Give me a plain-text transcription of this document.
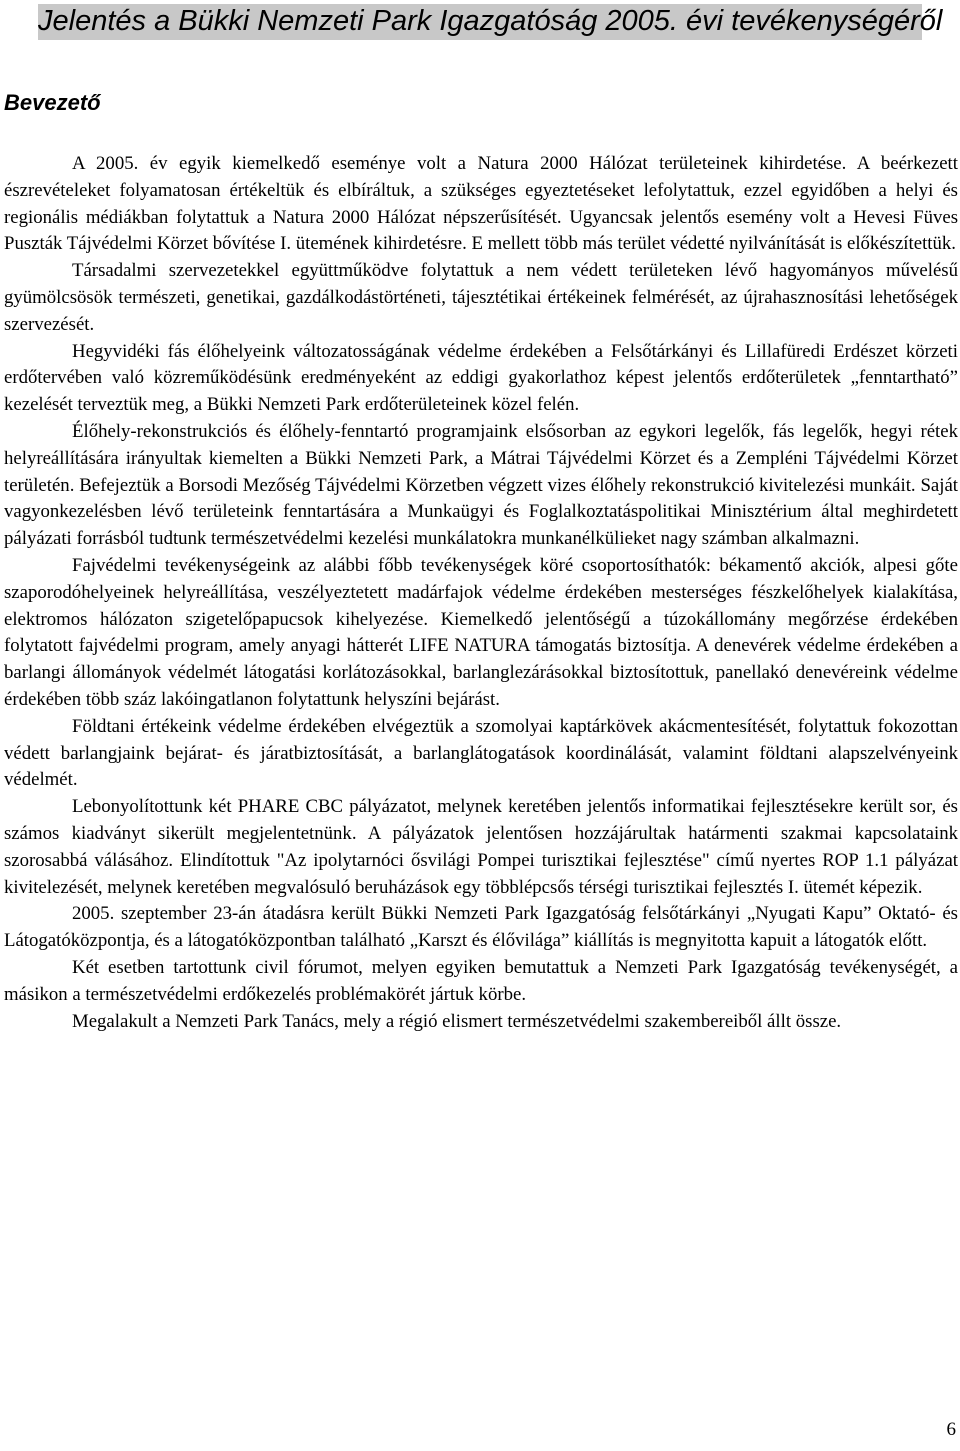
Jelentés a Bükki Nemzeti Park Igazgatóság 2005. évi tevékenységéről
Bevezető

A 2005. év egyik kiemelkedő eseménye volt a Natura 2000 Hálózat területeinek kihirdetése. A beérkezett észrevételeket folyamatosan értékeltük és elbíráltuk, a szükséges egyeztetéseket lefolytattuk, ezzel egyidőben a helyi és regionális médiákban folytattuk a Natura 2000 Hálózat népszerűsítését. Ugyancsak jelentős esemény volt a Hevesi Füves Puszták Tájvédelmi Körzet bővítése I. ütemének kihirdetésre. E mellett több más terület védetté nyilvánítását is előkészítettük.

Társadalmi szervezetekkel együttműködve folytattuk a nem védett területeken lévő hagyományos művelésű gyümölcsösök természeti, genetikai, gazdálkodástörténeti, tájesztétikai értékeinek felmérését, az újrahasznosítási lehetőségek szervezését.

Hegyvidéki fás élőhelyeink változatosságának védelme érdekében a Felsőtárkányi és Lillafüredi Erdészet körzeti erdőtervében való közreműködésünk eredményeként az eddigi gyakorlathoz képest jelentős erdőterületek „fenntartható” kezelését terveztük meg, a Bükki Nemzeti Park erdőterületeinek közel felén.

Élőhely-rekonstrukciós és élőhely-fenntartó programjaink elsősorban az egykori legelők, fás legelők, hegyi rétek helyreállítására irányultak kiemelten a Bükki Nemzeti Park, a Mátrai Tájvédelmi Körzet és a Zempléni Tájvédelmi Körzet területén. Befejeztük a Borsodi Mezőség Tájvédelmi Körzetben végzett vizes élőhely rekonstrukció kivitelezési munkáit. Saját vagyonkezelésben lévő területeink fenntartására a Munkaügyi és Foglalkoztatáspolitikai Minisztérium által meghirdetett pályázati forrásból tudtunk természetvédelmi kezelési munkálatokra munkanélkülieket nagy számban alkalmazni.

Fajvédelmi tevékenységeink az alábbi főbb tevékenységek köré csoportosíthatók: békamentő akciók, alpesi gőte szaporodóhelyeinek helyreállítása, veszélyeztetett madárfajok védelme érdekében mesterséges fészkelőhelyek kialakítása, elektromos hálózaton szigetelőpapucsok kihelyezése. Kiemelkedő jelentőségű a túzokállomány megőrzése érdekében folytatott fajvédelmi program, amely anyagi hátterét LIFE NATURA támogatás biztosítja. A denevérek védelme érdekében a barlangi állományok védelmét látogatási korlátozásokkal, barlanglezárásokkal biztosítottuk, panellakó denevéreink védelme érdekében több száz lakóingatlanon folytattunk helyszíni bejárást.

Földtani értékeink védelme érdekében elvégeztük a szomolyai kaptárkövek akácmentesítését, folytattuk fokozottan védett barlangjaink bejárat- és járatbiztosítását, a barlanglátogatások koordinálását, valamint földtani alapszelvényeink védelmét.

Lebonyolítottunk két PHARE CBC pályázatot, melynek keretében jelentős informatikai fejlesztésekre került sor, és számos kiadványt sikerült megjelentetnünk. A pályázatok jelentősen hozzájárultak határmenti szakmai kapcsolataink szorosabbá válásához. Elindítottuk "Az ipolytarnóci ősvilági Pompei turisztikai fejlesztése" című nyertes ROP 1.1 pályázat kivitelezését, melynek keretében megvalósuló beruházások egy többlépcsős térségi turisztikai fejlesztés I. ütemét képezik.

2005. szeptember 23-án átadásra került Bükki Nemzeti Park Igazgatóság felsőtárkányi „Nyugati Kapu” Oktató- és Látogatóközpontja, és a látogatóközpontban található „Karszt és élővilága” kiállítás is megnyitotta kapuit a látogatók előtt.

Két esetben tartottunk civil fórumot, melyen egyiken bemutattuk a Nemzeti Park Igazgatóság tevékenységét, a másikon a természetvédelmi erdőkezelés problémakörét jártuk körbe.

Megalakult a Nemzeti Park Tanács, mely a régió elismert természetvédelmi szakembereiből állt össze.

6
